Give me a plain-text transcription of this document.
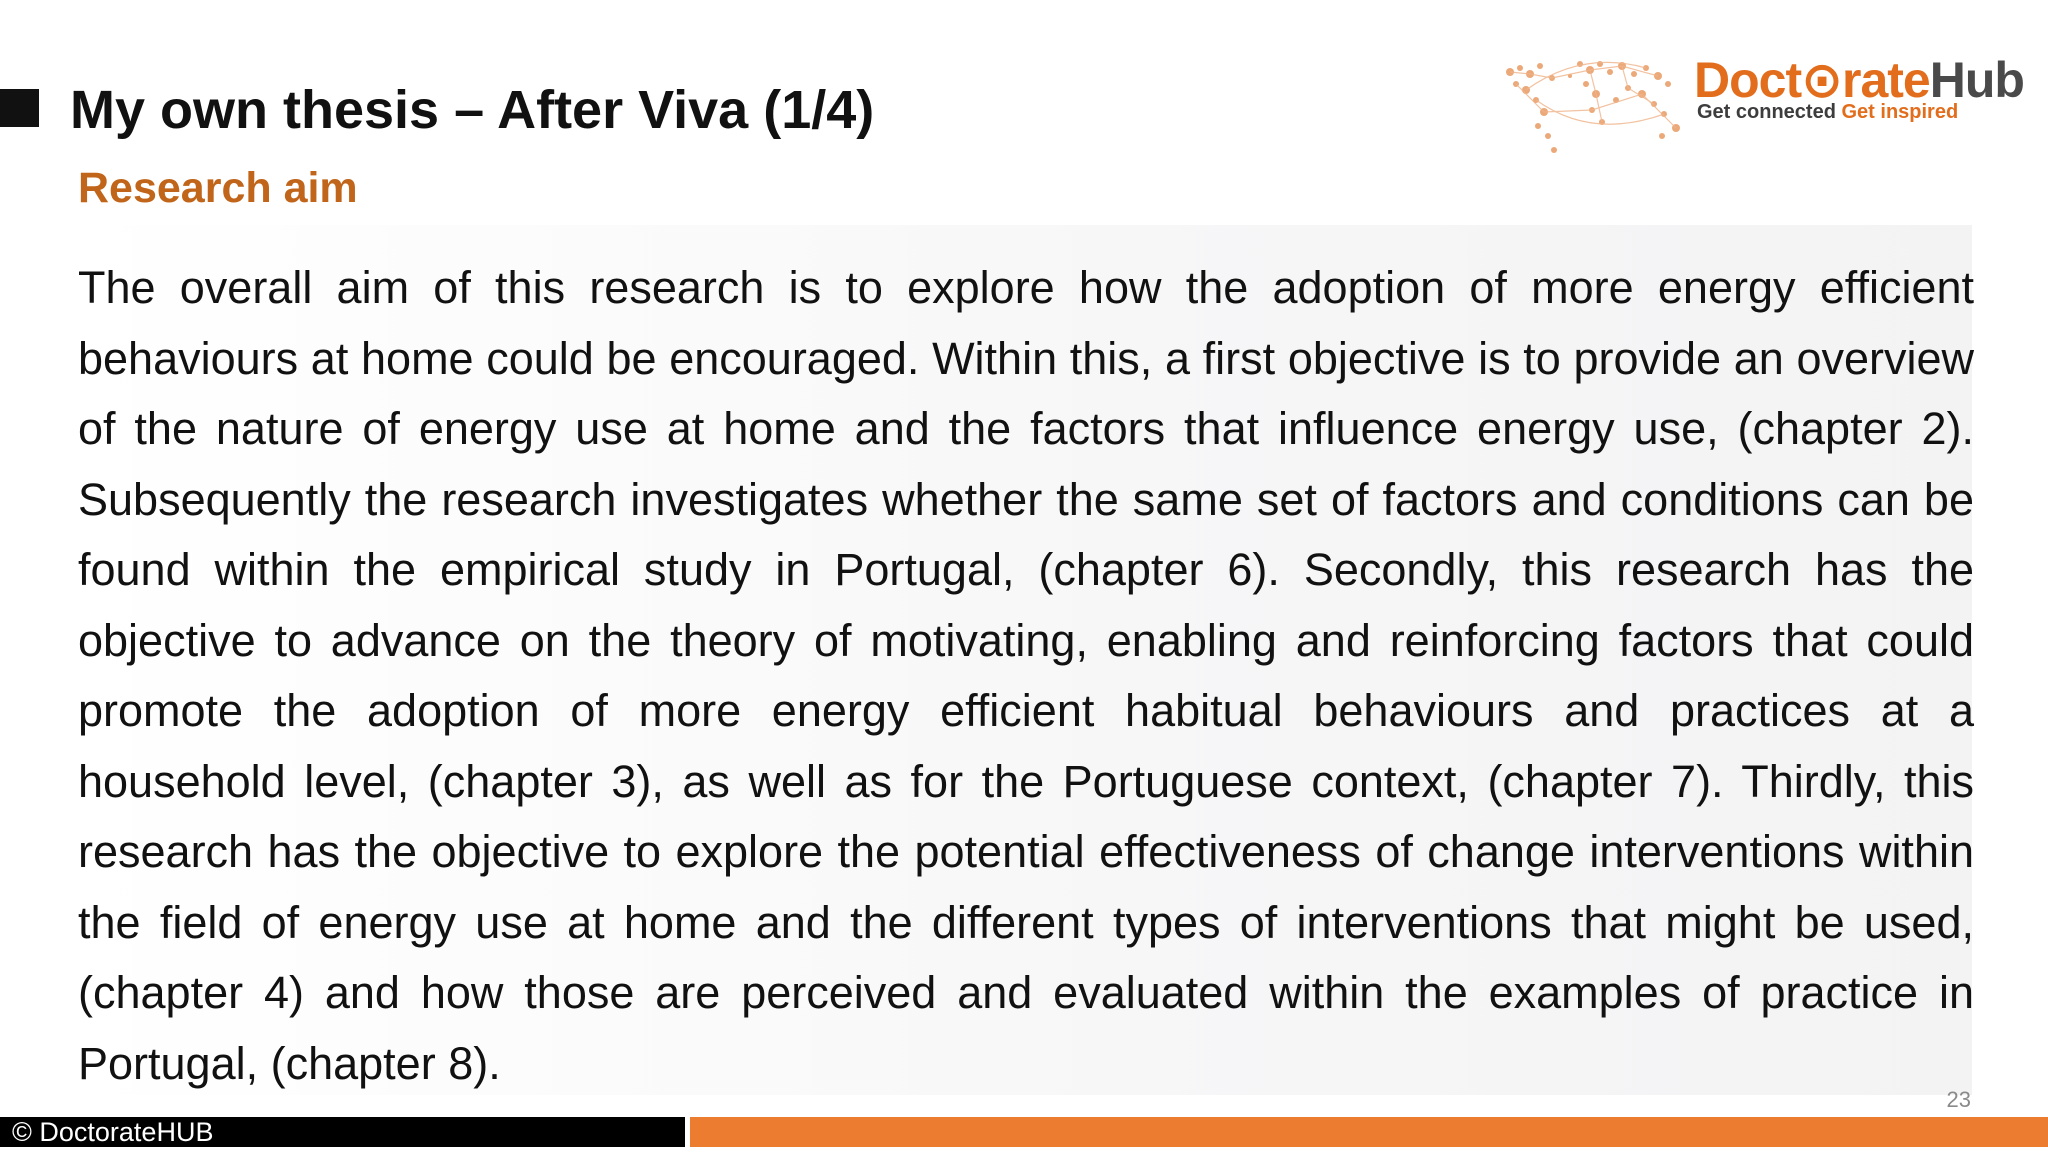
My own thesis – After Viva (1/4)
Research aim
Doct⊙rateHub
Get connected Get inspired

The overall aim of this research is to explore how the adoption of more energy efficient behaviours at home could be encouraged. Within this, a first objective is to provide an overview of the nature of energy use at home and the factors that influence energy use, (chapter 2). Subsequently the research investigates whether the same set of factors and conditions can be found within the empirical study in Portugal, (chapter 6). Secondly, this research has the objective to advance on the theory of motivating, enabling and reinforcing factors that could promote the adoption of more energy efficient habitual behaviours and practices at a household level, (chapter 3), as well as for the Portuguese context, (chapter 7). Thirdly, this research has the objective to explore the potential effectiveness of change interventions within the field of energy use at home and the different types of interventions that might be used, (chapter 4) and how those are perceived and evaluated within the examples of practice in Portugal, (chapter 8).

23
© DoctorateHUB
